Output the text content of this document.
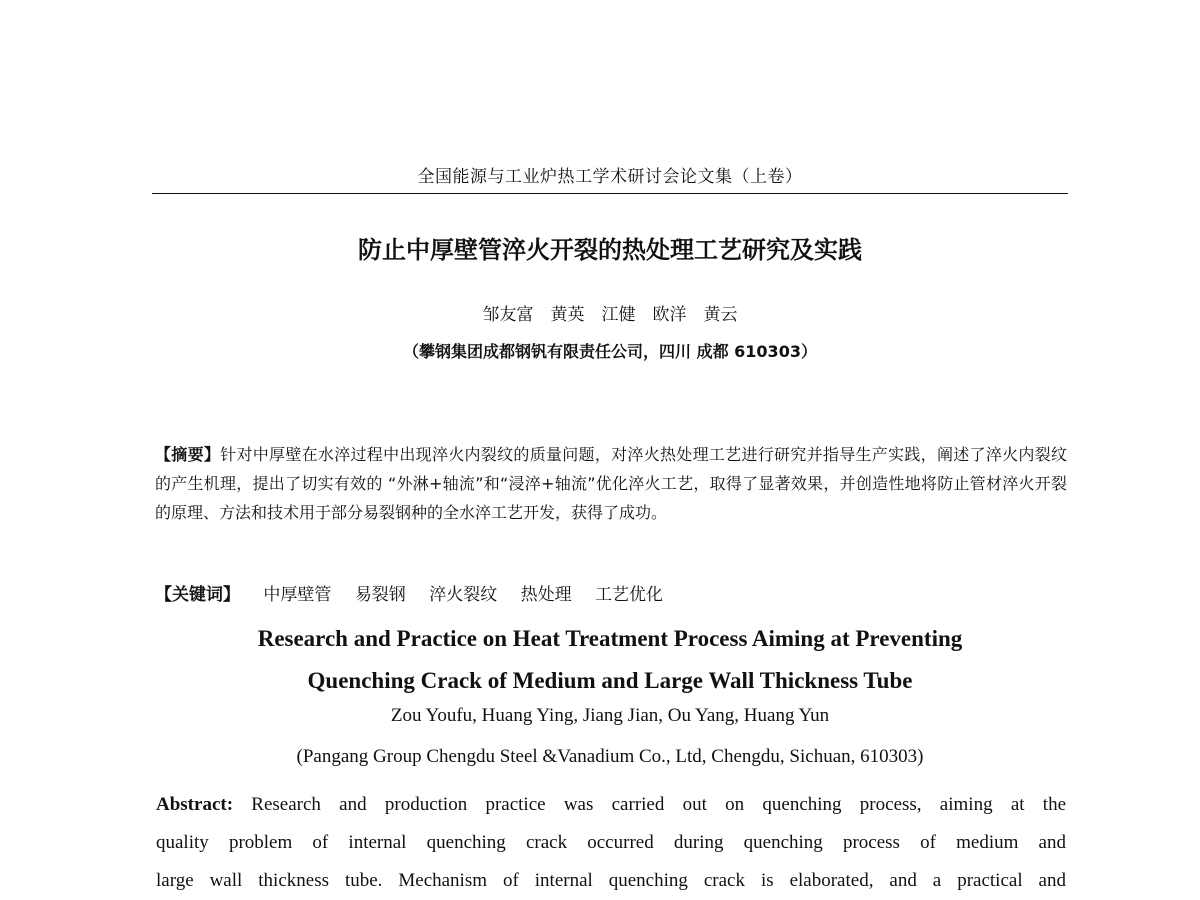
全国能源与工业炉热工学术研讨会论文集（上卷）
防止中厚壁管淬火开裂的热处理工艺研究及实践
邹友富　黄英　江健　欧洋　黄云
（攀钢集团成都钢钒有限责任公司，四川 成都 610303）
【摘要】针对中厚壁在水淬过程中出现淬火内裂纹的质量问题，对淬火热处理工艺进行研究并指导生产实践，阐述了淬火内裂纹的产生机理，提出了切实有效的 “外淋+轴流”和“浸淬+轴流”优化淬火工艺，取得了显著效果，并创造性地将防止管材淬火开裂的原理、方法和技术用于部分易裂钢种的全水淬工艺开发，获得了成功。
【关键词】 中厚壁管 易裂钢 淬火裂纹 热处理 工艺优化
Research and Practice on Heat Treatment Process Aiming at Preventing
Quenching Crack of Medium and Large Wall Thickness Tube
Zou Youfu, Huang Ying, Jiang Jian, Ou Yang, Huang Yun
(Pangang Group Chengdu Steel &Vanadium Co., Ltd, Chengdu, Sichuan, 610303)
Abstract: Research and production practice was carried out on quenching process, aiming at the
quality problem of internal quenching crack occurred during quenching process of medium and
large wall thickness tube. Mechanism of internal quenching crack is elaborated, and a practical and
